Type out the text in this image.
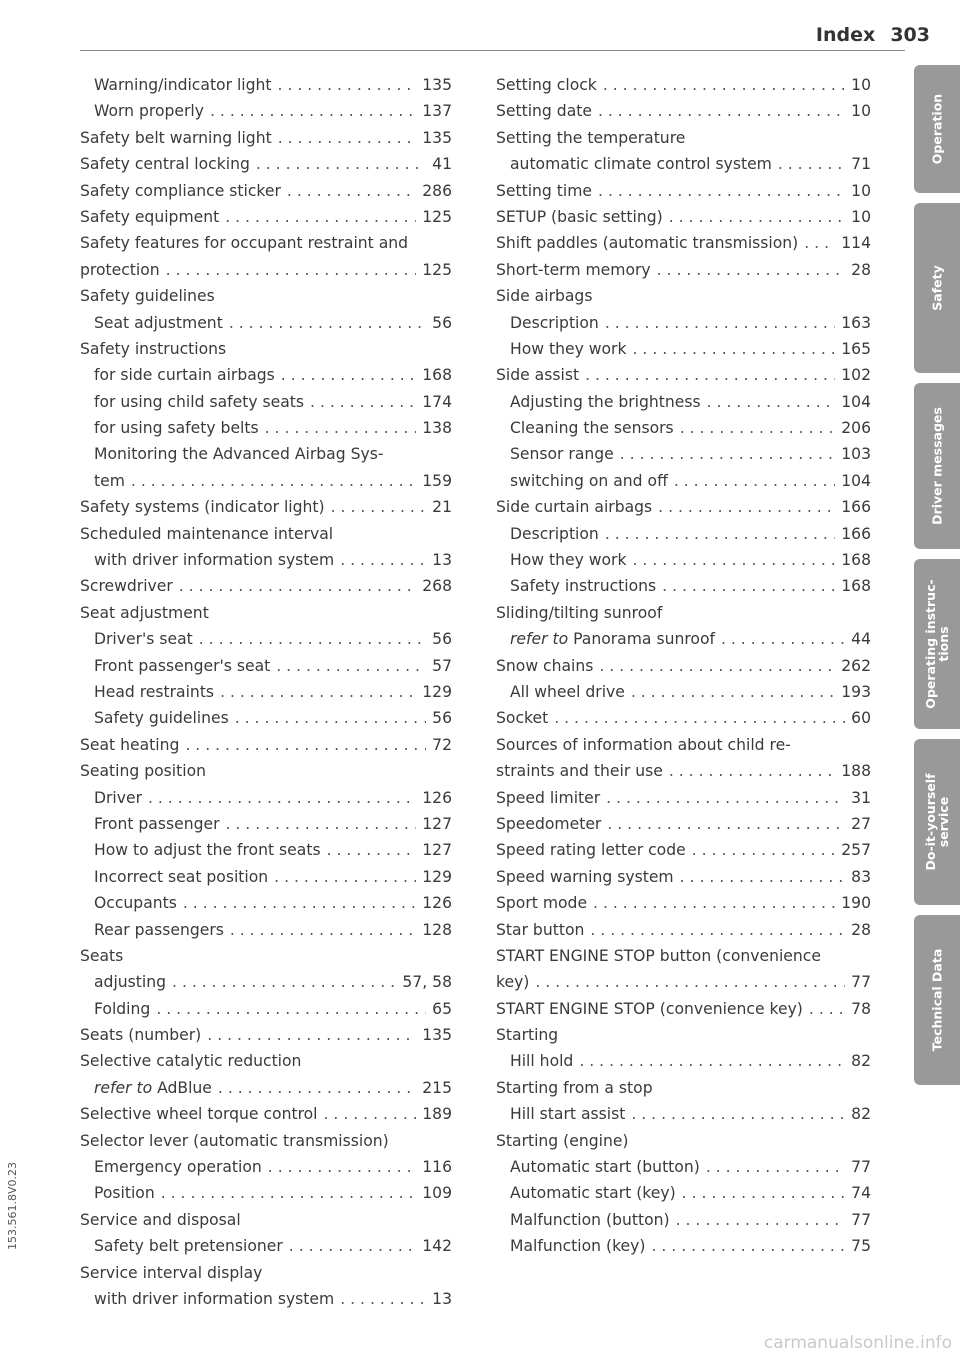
Index 303
Warning/indicator light . . .	135
Worn properly . . .	137
Safety belt warning light . . .	135
Safety central locking . . .	41
Safety compliance sticker . . .	286
Safety equipment . . .	125
Safety features for occupant restraint and
protection . . .	125
Safety guidelines
Seat adjustment . . .	56
Safety instructions
for side curtain airbags . . .	168
for using child safety seats . . .	174
for using safety belts . . .	138
Monitoring the Advanced Airbag Sys-
tem . . .	159
Safety systems (indicator light) . . .	21
Scheduled maintenance interval
with driver information system . . .	13
Screwdriver . . .	268
Seat adjustment
Driver's seat . . .	56
Front passenger's seat . . .	57
Head restraints . . .	129
Safety guidelines . . .	56
Seat heating . . .	72
Seating position
Driver . . .	126
Front passenger . . .	127
How to adjust the front seats . . .	127
Incorrect seat position . . .	129
Occupants . . .	126
Rear passengers . . .	128
Seats
adjusting . . .	57, 58
Folding . . .	65
Seats (number) . . .	135
Selective catalytic reduction
refer to AdBlue . . .	215
Selective wheel torque control . . .	189
Selector lever (automatic transmission)
Emergency operation . . .	116
Position . . .	109
Service and disposal
Safety belt pretensioner . . .	142
Service interval display
with driver information system . . .	13
Setting clock . . .	10
Setting date . . .	10
Setting the temperature
automatic climate control system . . .	71
Setting time . . .	10
SETUP (basic setting) . . .	10
Shift paddles (automatic transmission) . . .	114
Short-term memory . . .	28
Side airbags
Description . . .	163
How they work . . .	165
Side assist . . .	102
Adjusting the brightness . . .	104
Cleaning the sensors . . .	206
Sensor range . . .	103
switching on and off . . .	104
Side curtain airbags . . .	166
Description . . .	166
How they work . . .	168
Safety instructions . . .	168
Sliding/tilting sunroof
refer to Panorama sunroof . . .	44
Snow chains . . .	262
All wheel drive . . .	193
Socket . . .	60
Sources of information about child re-
straints and their use . . .	188
Speed limiter . . .	31
Speedometer . . .	27
Speed rating letter code . . .	257
Speed warning system . . .	83
Sport mode . . .	190
Star button . . .	28
START ENGINE STOP button (convenience
key) . . .	77
START ENGINE STOP (convenience key) . . .	78
Starting
Hill hold . . .	82
Starting from a stop
Hill start assist . . .	82
Starting (engine)
Automatic start (button) . . .	77
Automatic start (key) . . .	74
Malfunction (button) . . .	77
Malfunction (key) . . .	75
Operation
Safety
Driver messages
Operating instruc-
tions
Do-it-yourself
service
Technical Data
153.561.8V0.23
carmanualsonline.info
